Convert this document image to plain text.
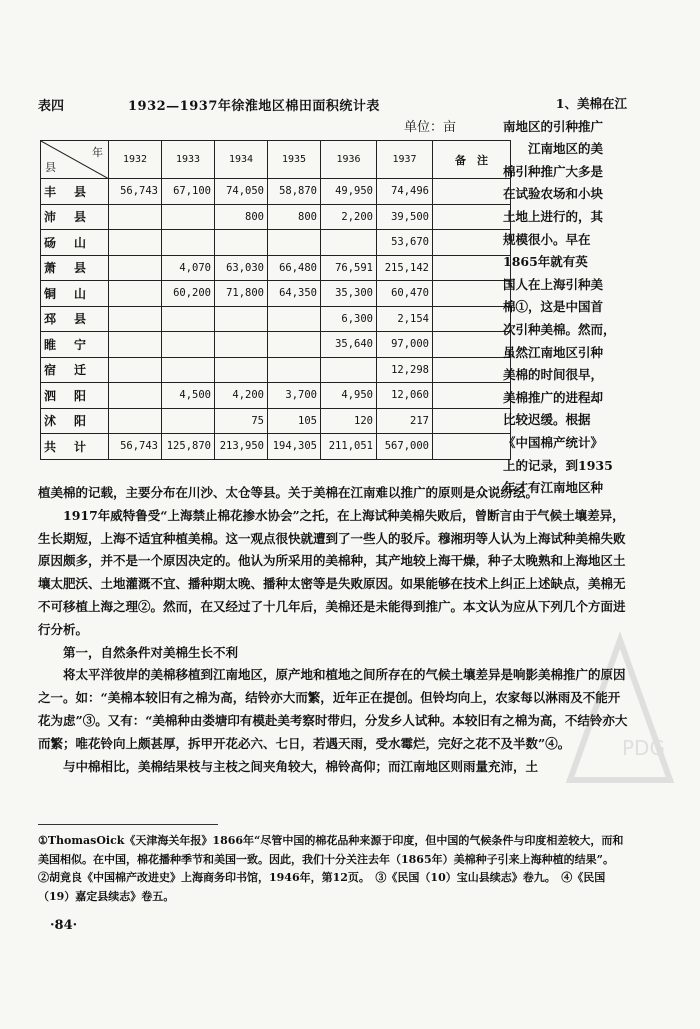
表四	1932—1937年徐淮地区棉田面积统计表
单位：亩
年
县	1932	1933	1934	1935	1936	1937	备　注
丰县	56,743	67,100	74,050	58,870	49,950	74,496	
沛县			800	800	2,200	39,500	
砀山						53,670	
萧县		4,070	63,030	66,480	76,591	215,142	
铜山		60,200	71,800	64,350	35,300	60,470	
邳县					6,300	2,154	
睢宁					35,640	97,000	
宿迁						12,298	
泗阳		4,500	4,200	3,700	4,950	12,060	
沭阳			75	105	120	217	
共计	56,743	125,870	213,950	194,305	211,051	567,000	
1、美棉在江
南地区的引种推广
江南地区的美
棉引种推广大多是
在试验农场和小块
土地上进行的，其
规模很小。早在
1865年就有英
国人在上海引种美
棉①，这是中国首
次引种美棉。然而，
虽然江南地区引种
美棉的时间很早，
美棉推广的进程却
比较迟缓。根据
《中国棉产统计》
上的记录，到1935
年才有江南地区种

植美棉的记载，主要分布在川沙、太仓等县。关于美棉在江南难以推广的原则是众说纷纭。

1917年威特鲁受“上海禁止棉花掺水协会”之托，在上海试种美棉失败后，曾断言由于气候土壤差异，生长期短，上海不适宜种植美棉。这一观点很快就遭到了一些人的驳斥。穆湘玥等人认为上海试种美棉失败原因颇多，并不是一个原因决定的。他认为所采用的美棉种，其产地较上海干燥，种子太晚熟和上海地区土壤太肥沃、土地灌溉不宜、播种期太晚、播种太密等是失败原因。如果能够在技术上纠正上述缺点，美棉无不可移植上海之理②。然而，在又经过了十几年后，美棉还是未能得到推广。本文认为应从下列几个方面进行分析。

第一，自然条件对美棉生长不利

将太平洋彼岸的美棉移植到江南地区，原产地和植地之间所存在的气候土壤差异是响影美棉推广的原因之一。如：“美棉本较旧有之棉为高，结铃亦大而繁，近年正在提创。但铃均向上，农家每以淋雨及不能开花为虑”③。又有：“美棉种由娄塘印有模赴美考察时带归，分发乡人试种。本较旧有之棉为高，不结铃亦大而繁；唯花铃向上颇甚厚，拆甲开花必六、七日，若遇天雨，受水霉烂，完好之花不及半数”④。

与中棉相比，美棉结果枝与主枝之间夹角较大，棉铃高仰；而江南地区则雨量充沛，土

①ThomasOick《天津海关年报》1866年“尽管中国的棉花品种来源于印度，但中国的气候条件与印度相差较大，而和美国相似。在中国，棉花播种季节和美国一致。因此，我们十分关注去年（1865年）美棉种子引来上海种植的结果”。　②胡竟良《中国棉产改进史》上海商务印书馆，1946年，第12页。　③《民国（10）宝山县续志》卷九。　④《民国（19）嘉定县续志》卷五。

·84·
PDG
